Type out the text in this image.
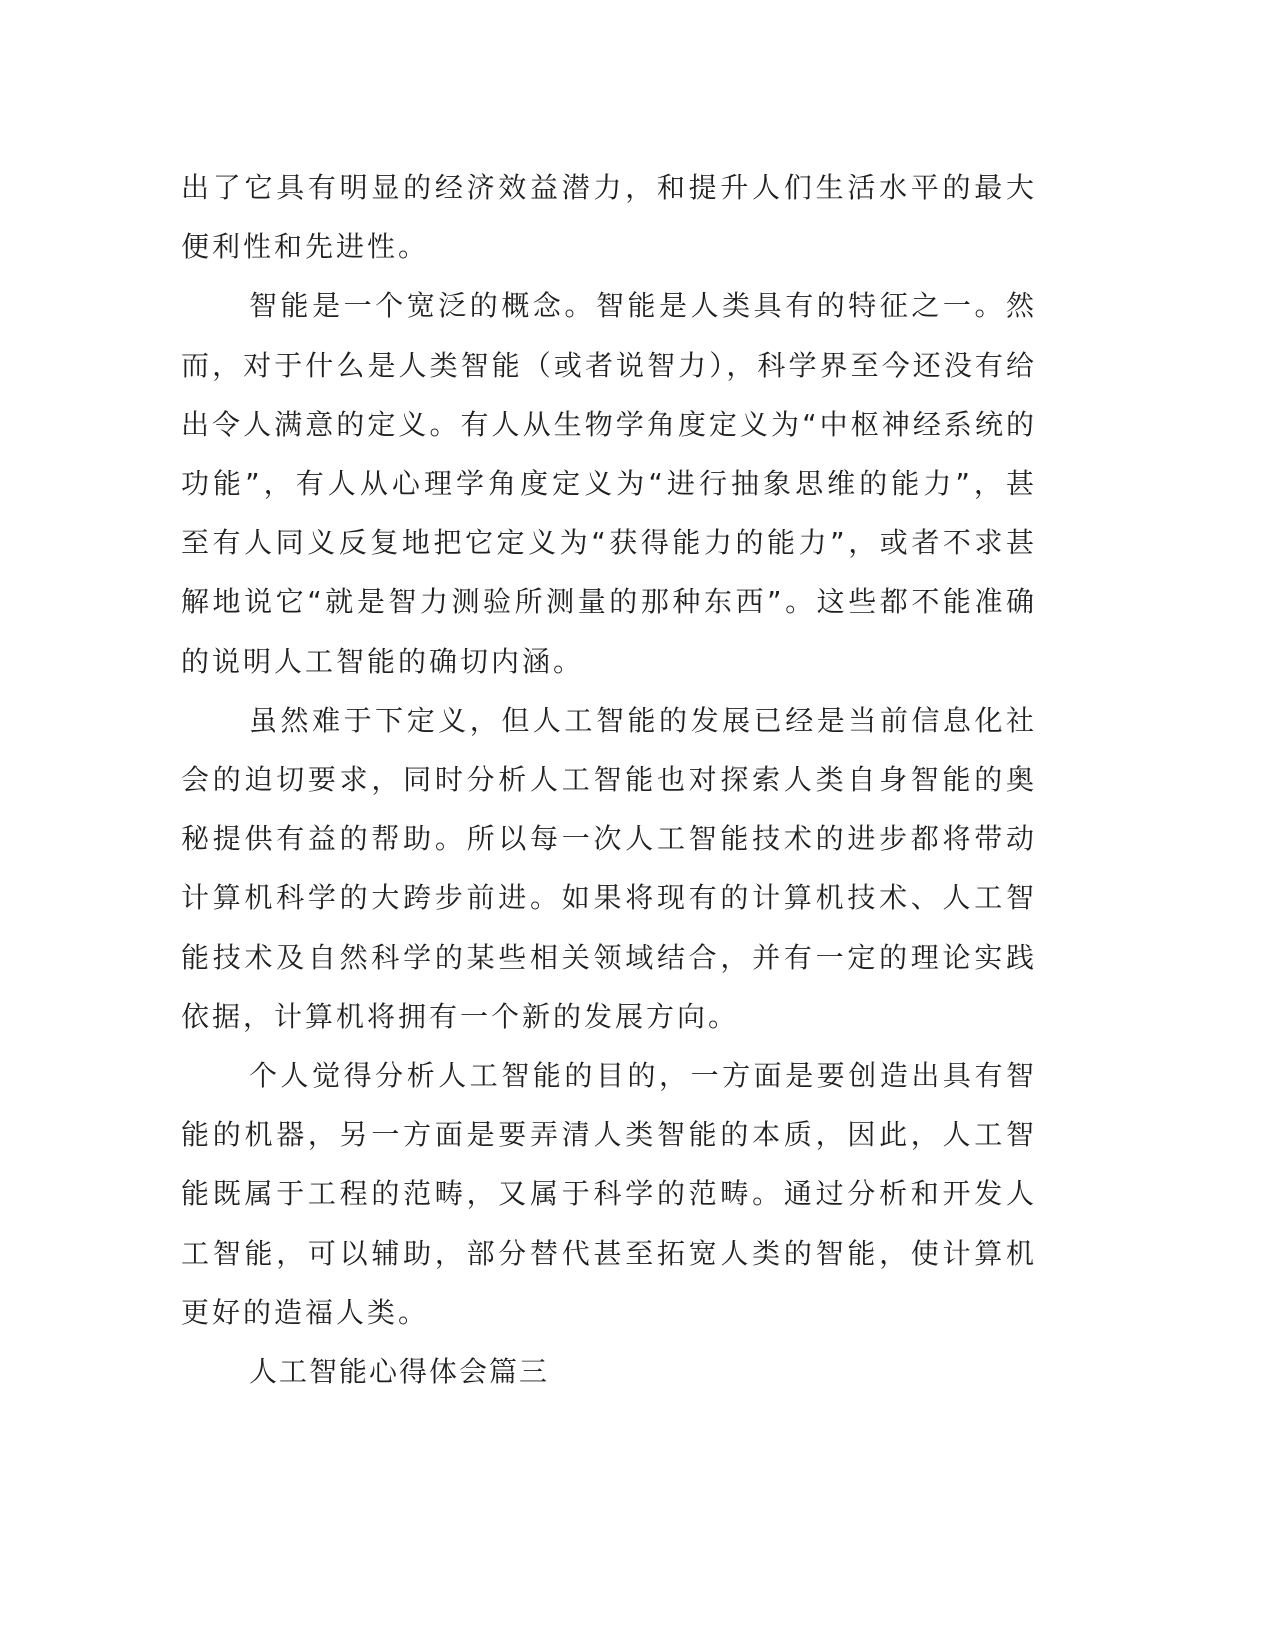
出了它具有明显的经济效益潜力，和提升人们生活水平的最大便利性和先进性。

智能是一个宽泛的概念。智能是人类具有的特征之一。然而，对于什么是人类智能（或者说智力），科学界至今还没有给出令人满意的定义。有人从生物学角度定义为“中枢神经系统的功能”，有人从心理学角度定义为“进行抽象思维的能力”，甚至有人同义反复地把它定义为“获得能力的能力”，或者不求甚解地说它“就是智力测验所测量的那种东西”。这些都不能准确的说明人工智能的确切内涵。

虽然难于下定义，但人工智能的发展已经是当前信息化社会的迫切要求，同时分析人工智能也对探索人类自身智能的奥秘提供有益的帮助。所以每一次人工智能技术的进步都将带动计算机科学的大跨步前进。如果将现有的计算机技术、人工智能技术及自然科学的某些相关领域结合，并有一定的理论实践依据，计算机将拥有一个新的发展方向。

个人觉得分析人工智能的目的，一方面是要创造出具有智能的机器，另一方面是要弄清人类智能的本质，因此，人工智能既属于工程的范畴，又属于科学的范畴。通过分析和开发人工智能，可以辅助，部分替代甚至拓宽人类的智能，使计算机更好的造福人类。

人工智能心得体会篇三
